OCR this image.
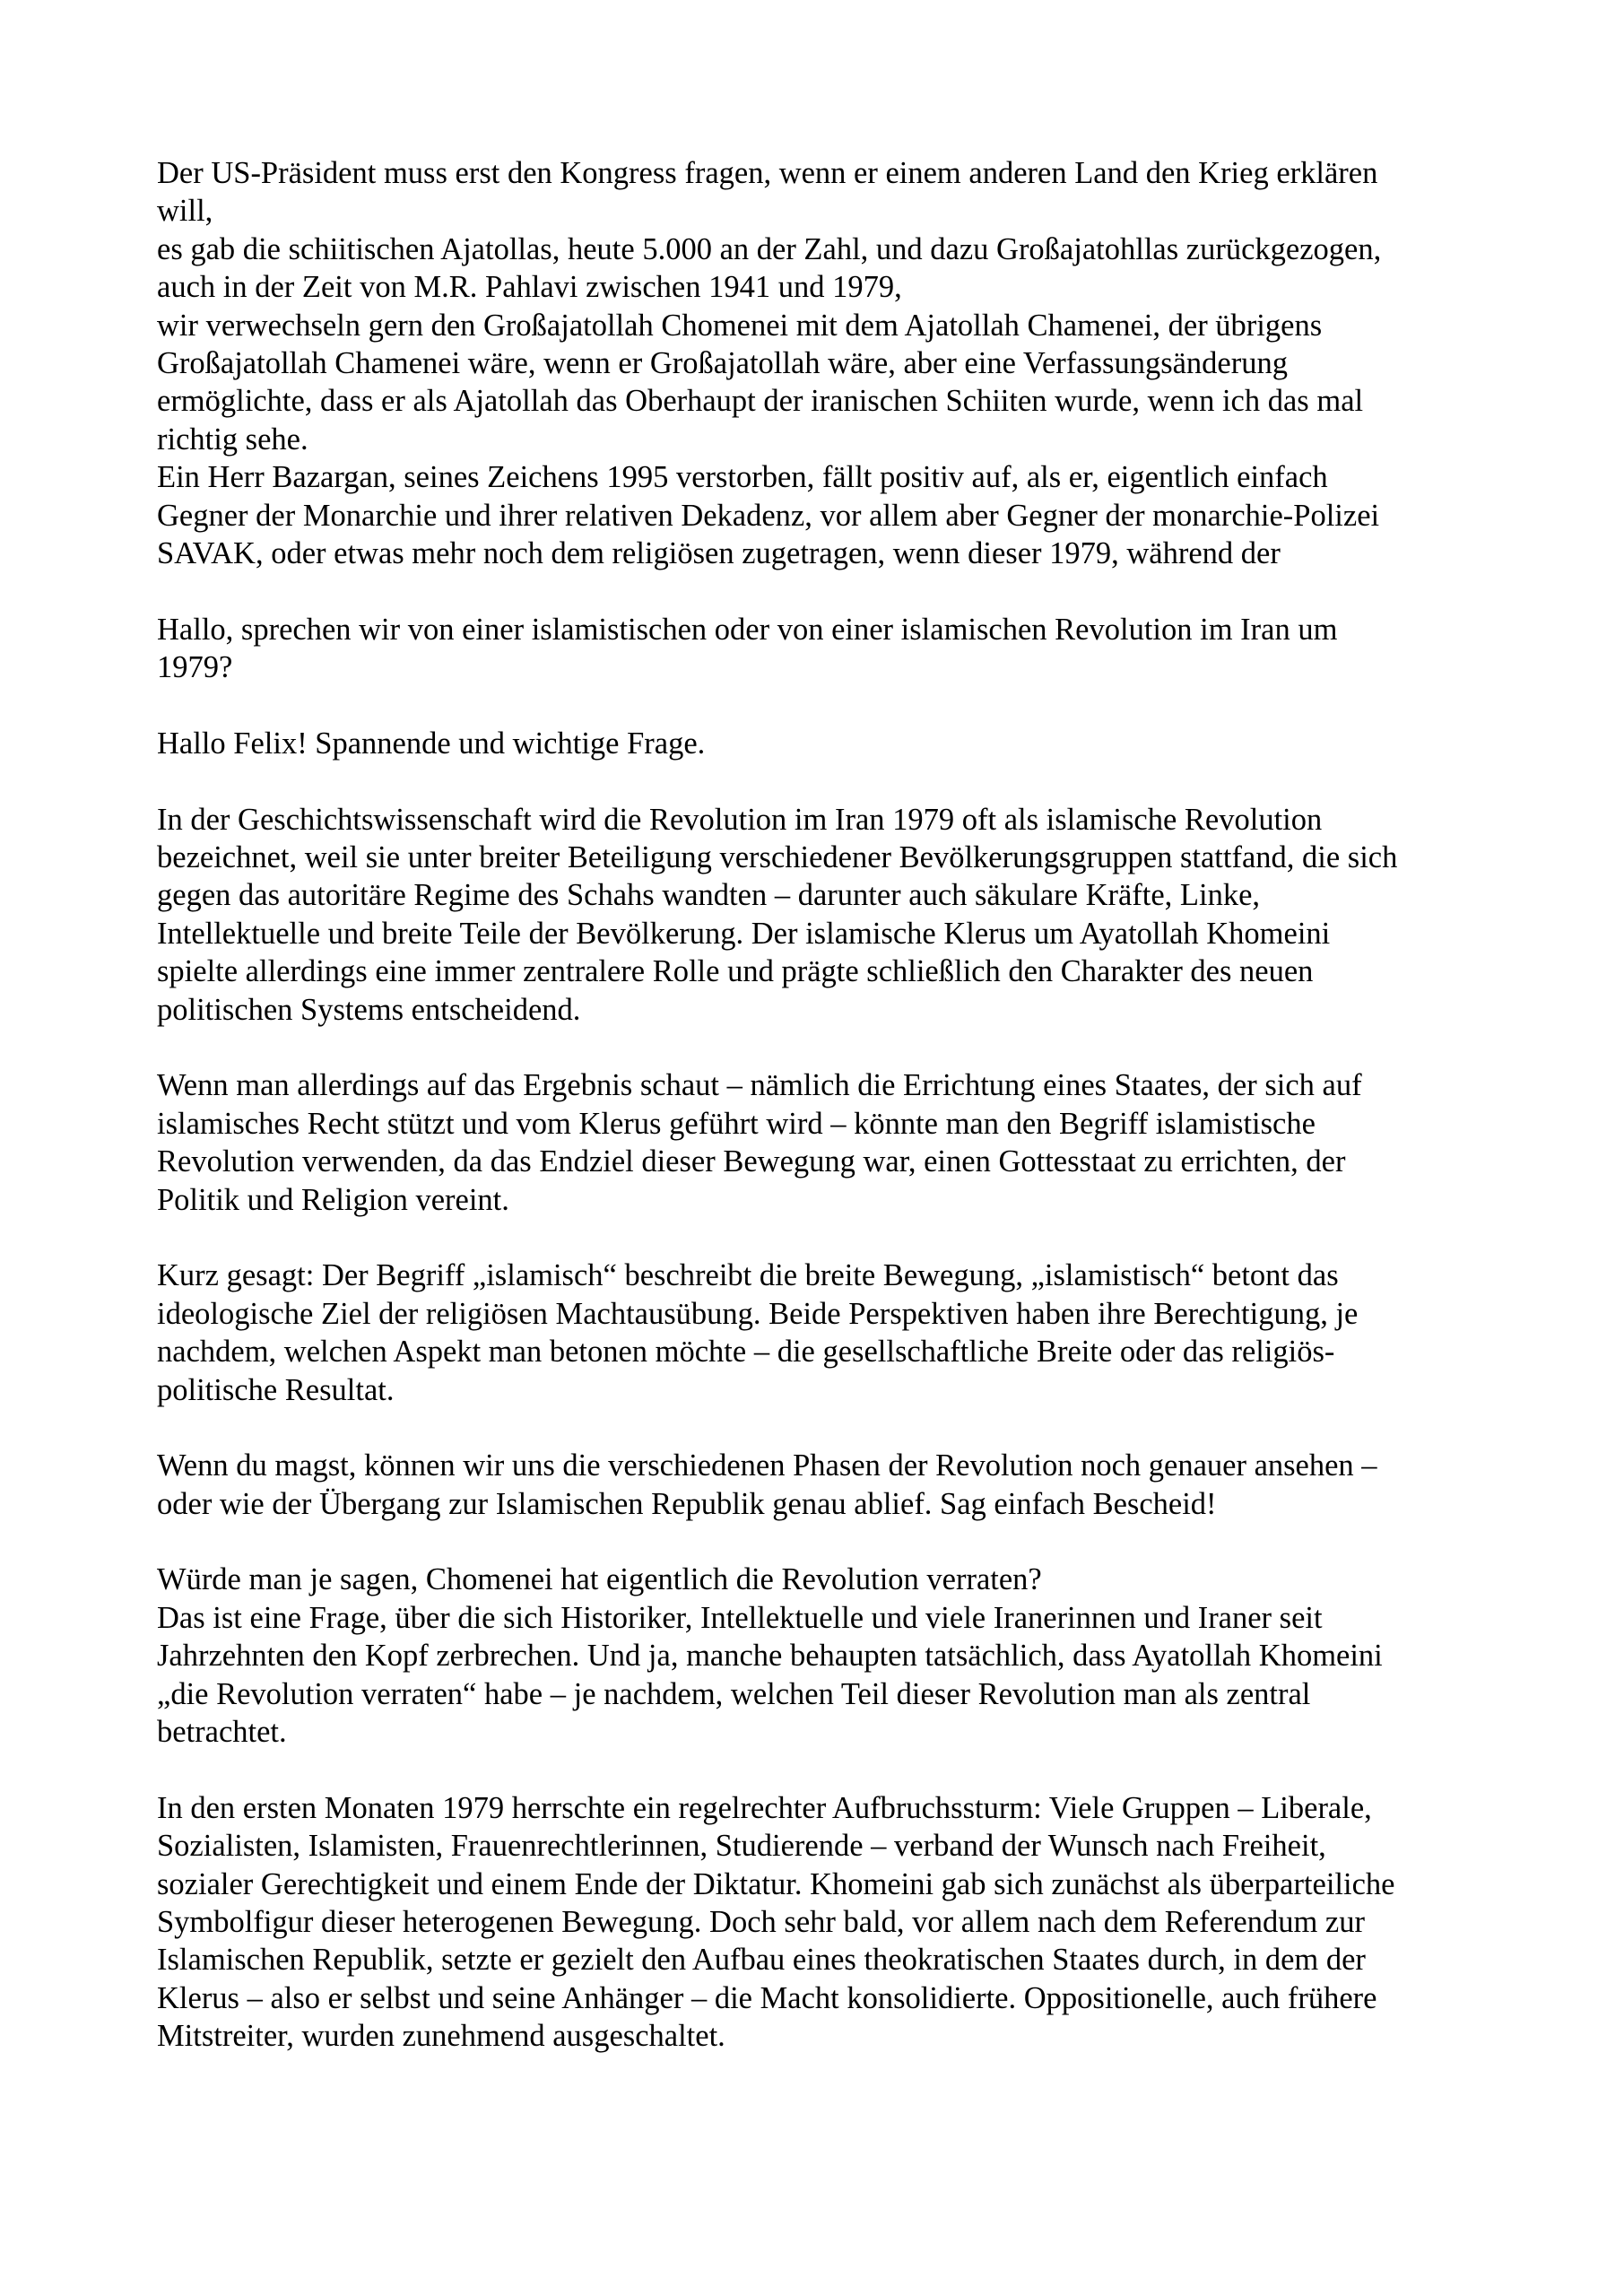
Der US-Präsident muss erst den Kongress fragen, wenn er einem anderen Land den Krieg erklären
will,
es gab die schiitischen Ajatollas, heute 5.000 an der Zahl, und dazu Großajatohllas zurückgezogen,
auch in der Zeit von M.R. Pahlavi zwischen 1941 und 1979,
wir verwechseln gern den Großajatollah Chomenei mit dem Ajatollah Chamenei, der übrigens
Großajatollah Chamenei wäre, wenn er Großajatollah wäre, aber eine Verfassungsänderung
ermöglichte, dass er als Ajatollah das Oberhaupt der iranischen Schiiten wurde, wenn ich das mal
richtig sehe.
Ein Herr Bazargan, seines Zeichens 1995 verstorben, fällt positiv auf, als er, eigentlich einfach
Gegner der Monarchie und ihrer relativen Dekadenz, vor allem aber Gegner der monarchie-Polizei
SAVAK, oder etwas mehr noch dem religiösen zugetragen, wenn dieser 1979, während der
Hallo, sprechen wir von einer islamistischen oder von einer islamischen Revolution im Iran um
1979?
Hallo Felix! Spannende und wichtige Frage.
In der Geschichtswissenschaft wird die Revolution im Iran 1979 oft als islamische Revolution
bezeichnet, weil sie unter breiter Beteiligung verschiedener Bevölkerungsgruppen stattfand, die sich
gegen das autoritäre Regime des Schahs wandten – darunter auch säkulare Kräfte, Linke,
Intellektuelle und breite Teile der Bevölkerung. Der islamische Klerus um Ayatollah Khomeini
spielte allerdings eine immer zentralere Rolle und prägte schließlich den Charakter des neuen
politischen Systems entscheidend.
Wenn man allerdings auf das Ergebnis schaut – nämlich die Errichtung eines Staates, der sich auf
islamisches Recht stützt und vom Klerus geführt wird – könnte man den Begriff islamistische
Revolution verwenden, da das Endziel dieser Bewegung war, einen Gottesstaat zu errichten, der
Politik und Religion vereint.
Kurz gesagt: Der Begriff „islamisch“ beschreibt die breite Bewegung, „islamistisch“ betont das
ideologische Ziel der religiösen Machtausübung. Beide Perspektiven haben ihre Berechtigung, je
nachdem, welchen Aspekt man betonen möchte – die gesellschaftliche Breite oder das religiös-
politische Resultat.
Wenn du magst, können wir uns die verschiedenen Phasen der Revolution noch genauer ansehen –
oder wie der Übergang zur Islamischen Republik genau ablief. Sag einfach Bescheid!
Würde man je sagen, Chomenei hat eigentlich die Revolution verraten?
Das ist eine Frage, über die sich Historiker, Intellektuelle und viele Iranerinnen und Iraner seit
Jahrzehnten den Kopf zerbrechen. Und ja, manche behaupten tatsächlich, dass Ayatollah Khomeini
„die Revolution verraten“ habe – je nachdem, welchen Teil dieser Revolution man als zentral
betrachtet.
In den ersten Monaten 1979 herrschte ein regelrechter Aufbruchssturm: Viele Gruppen – Liberale,
Sozialisten, Islamisten, Frauenrechtlerinnen, Studierende – verband der Wunsch nach Freiheit,
sozialer Gerechtigkeit und einem Ende der Diktatur. Khomeini gab sich zunächst als überparteiliche
Symbolfigur dieser heterogenen Bewegung. Doch sehr bald, vor allem nach dem Referendum zur
Islamischen Republik, setzte er gezielt den Aufbau eines theokratischen Staates durch, in dem der
Klerus – also er selbst und seine Anhänger – die Macht konsolidierte. Oppositionelle, auch frühere
Mitstreiter, wurden zunehmend ausgeschaltet.
